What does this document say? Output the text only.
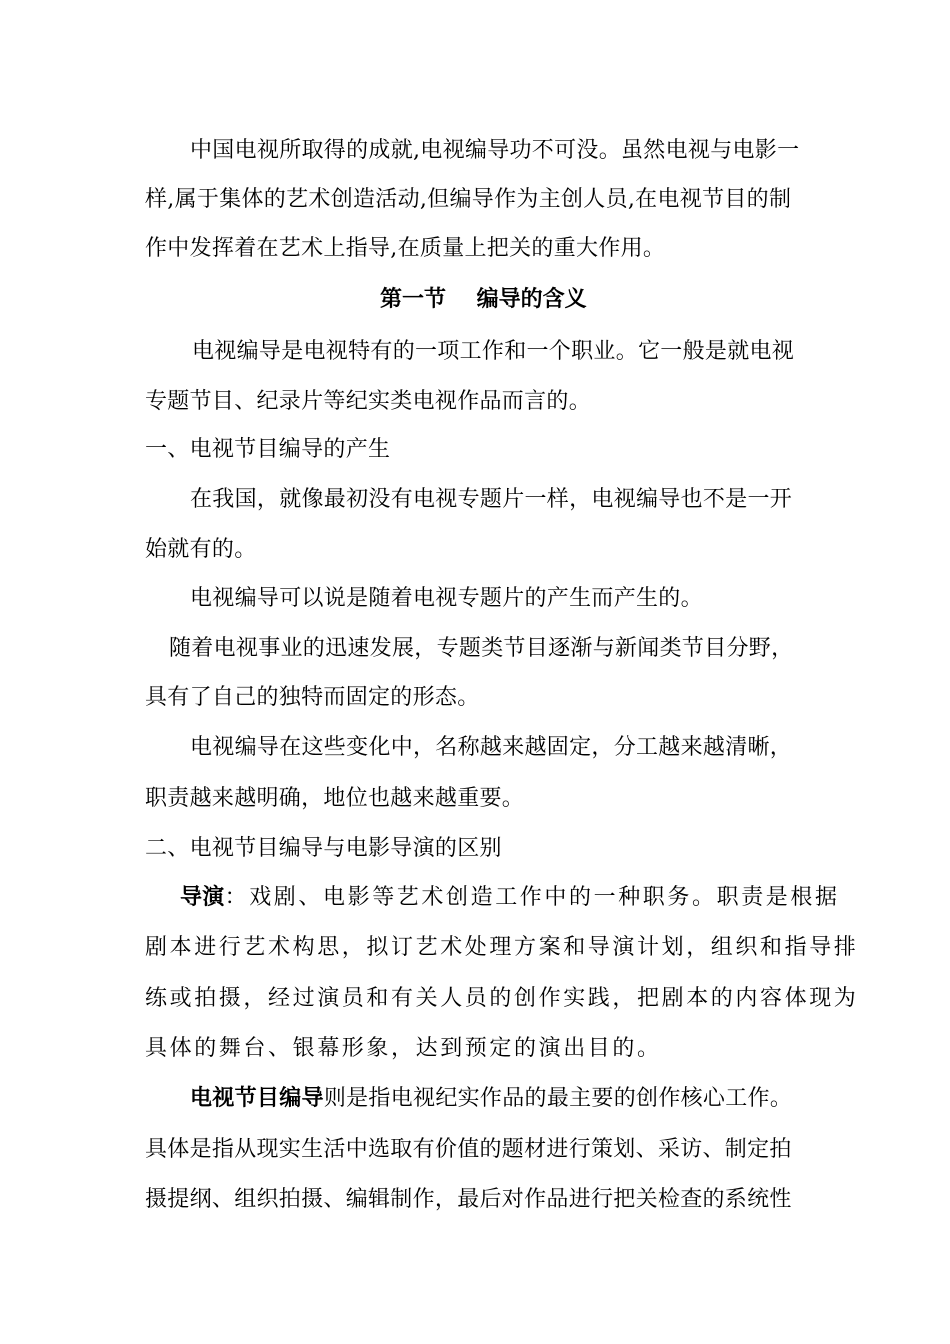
中国电视所取得的成就,电视编导功不可没。虽然电视与电影一
样,属于集体的艺术创造活动,但编导作为主创人员,在电视节目的制
作中发挥着在艺术上指导,在质量上把关的重大作用。
第一节    编导的含义
电视编导是电视特有的一项工作和一个职业。它一般是就电视
专题节目、纪录片等纪实类电视作品而言的。
一、电视节目编导的产生
在我国，就像最初没有电视专题片一样，电视编导也不是一开
始就有的。
电视编导可以说是随着电视专题片的产生而产生的。
随着电视事业的迅速发展，专题类节目逐渐与新闻类节目分野，
具有了自己的独特而固定的形态。
电视编导在这些变化中，名称越来越固定，分工越来越清晰，
职责越来越明确，地位也越来越重要。
二、电视节目编导与电影导演的区别
导演：戏剧、电影等艺术创造工作中的一种职务。职责是根据
剧本进行艺术构思，拟订艺术处理方案和导演计划，组织和指导排
练或拍摄，经过演员和有关人员的创作实践，把剧本的内容体现为
具体的舞台、银幕形象，达到预定的演出目的。
电视节目编导则是指电视纪实作品的最主要的创作核心工作。
具体是指从现实生活中选取有价值的题材进行策划、采访、制定拍
摄提纲、组织拍摄、编辑制作，最后对作品进行把关检查的系统性
